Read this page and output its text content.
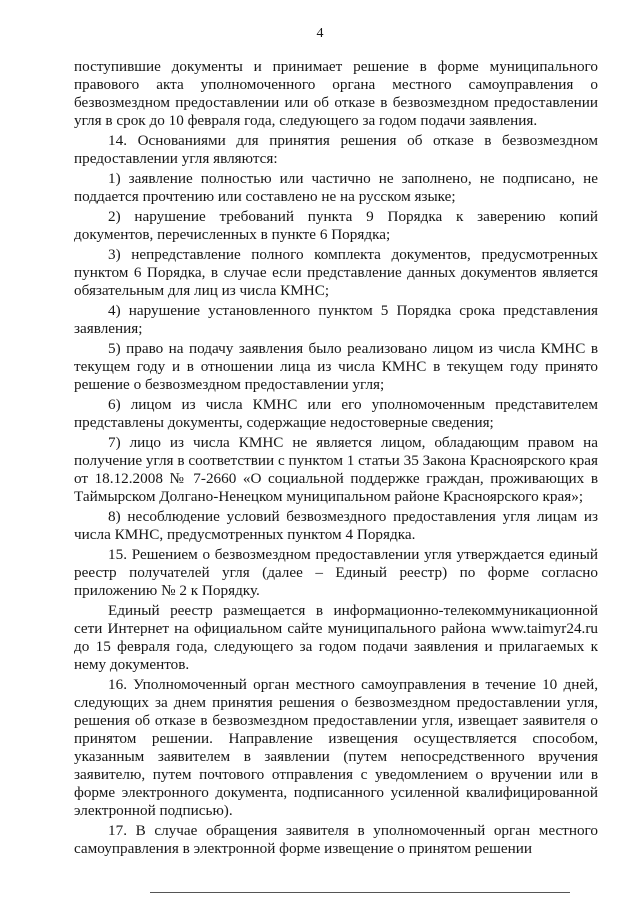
4

поступившие документы и принимает решение в форме муниципального правового акта уполномоченного органа местного самоуправления о безвозмездном предоставлении или об отказе в безвозмездном предоставлении угля в срок до 10 февраля года, следующего за годом подачи заявления.

14. Основаниями для принятия решения об отказе в безвозмездном предоставлении угля являются:

1) заявление полностью или частично не заполнено, не подписано, не поддается прочтению или составлено не на русском языке;

2) нарушение требований пункта 9 Порядка к заверению копий документов, перечисленных в пункте 6 Порядка;

3) непредставление полного комплекта документов, предусмотренных пунктом 6 Порядка, в случае если представление данных документов является обязательным для лиц из числа КМНС;

4) нарушение установленного пунктом 5 Порядка срока представления заявления;

5) право на подачу заявления было реализовано лицом из числа КМНС в текущем году и в отношении лица из числа КМНС в текущем году принято решение о безвозмездном предоставлении угля;

6) лицом из числа КМНС или его уполномоченным представителем представлены документы, содержащие недостоверные сведения;

7) лицо из числа КМНС не является лицом, обладающим правом на получение угля в соответствии с пунктом 1 статьи 35 Закона Красноярского края от 18.12.2008 № 7-2660 «О социальной поддержке граждан, проживающих в Таймырском Долгано-Ненецком муниципальном районе Красноярского края»;

8) несоблюдение условий безвозмездного предоставления угля лицам из числа КМНС, предусмотренных пунктом 4 Порядка.

15. Решением о безвозмездном предоставлении угля утверждается единый реестр получателей угля (далее – Единый реестр) по форме согласно приложению № 2 к Порядку.

Единый реестр размещается в информационно-телекоммуникационной сети Интернет на официальном сайте муниципального района www.taimyr24.ru до 15 февраля года, следующего за годом подачи заявления и прилагаемых к нему документов.

16. Уполномоченный орган местного самоуправления в течение 10 дней, следующих за днем принятия решения о безвозмездном предоставлении угля, решения об отказе в безвозмездном предоставлении угля, извещает заявителя о принятом решении. Направление извещения осуществляется способом, указанным заявителем в заявлении (путем непосредственного вручения заявителю, путем почтового отправления с уведомлением о вручении или в форме электронного документа, подписанного усиленной квалифицированной электронной подписью).

17. В случае обращения заявителя в уполномоченный орган местного самоуправления в электронной форме извещение о принятом решении
